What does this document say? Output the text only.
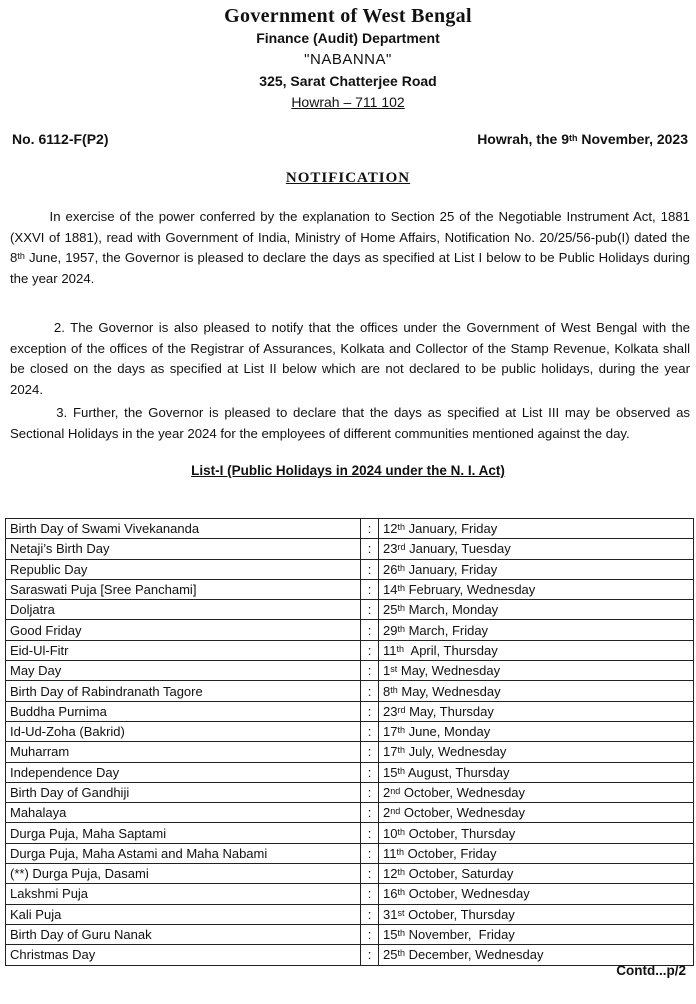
Government of West Bengal
Finance (Audit) Department
"NABANNA"
325, Sarat Chatterjee Road
Howrah – 711 102
No. 6112-F(P2)	Howrah, the 9th November, 2023
NOTIFICATION
In exercise of the power conferred by the explanation to Section 25 of the Negotiable Instrument Act, 1881 (XXVI of 1881), read with Government of India, Ministry of Home Affairs, Notification No. 20/25/56-pub(I) dated the 8th June, 1957, the Governor is pleased to declare the days as specified at List I below to be Public Holidays during the year 2024.
2. The Governor is also pleased to notify that the offices under the Government of West Bengal with the exception of the offices of the Registrar of Assurances, Kolkata and Collector of the Stamp Revenue, Kolkata shall be closed on the days as specified at List II below which are not declared to be public holidays, during the year 2024.
3. Further, the Governor is pleased to declare that the days as specified at List III may be observed as Sectional Holidays in the year 2024 for the employees of different communities mentioned against the day.
List-I (Public Holidays in 2024 under the N. I. Act)
Birth Day of Swami Vivekananda	:	12th January, Friday
Netaji’s Birth Day	:	23rd January, Tuesday
Republic Day	:	26th January, Friday
Saraswati Puja [Sree Panchami]	:	14th February, Wednesday
Doljatra	:	25th March, Monday
Good Friday	:	29th March, Friday
Eid-Ul-Fitr	:	11th  April, Thursday
May Day	:	1st May, Wednesday
Birth Day of Rabindranath Tagore	:	8th May, Wednesday
Buddha Purnima	:	23rd May, Thursday
Id-Ud-Zoha (Bakrid)	:	17th June, Monday
Muharram	:	17th July, Wednesday
Independence Day	:	15th August, Thursday
Birth Day of Gandhiji	:	2nd October, Wednesday
Mahalaya	:	2nd October, Wednesday
Durga Puja, Maha Saptami	:	10th October, Thursday
Durga Puja, Maha Astami and Maha Nabami	:	11th October, Friday
(**) Durga Puja, Dasami	:	12th October, Saturday
Lakshmi Puja	:	16th October, Wednesday
Kali Puja	:	31st October, Thursday
Birth Day of Guru Nanak	:	15th November,  Friday
Christmas Day	:	25th December, Wednesday
Contd...p/2
